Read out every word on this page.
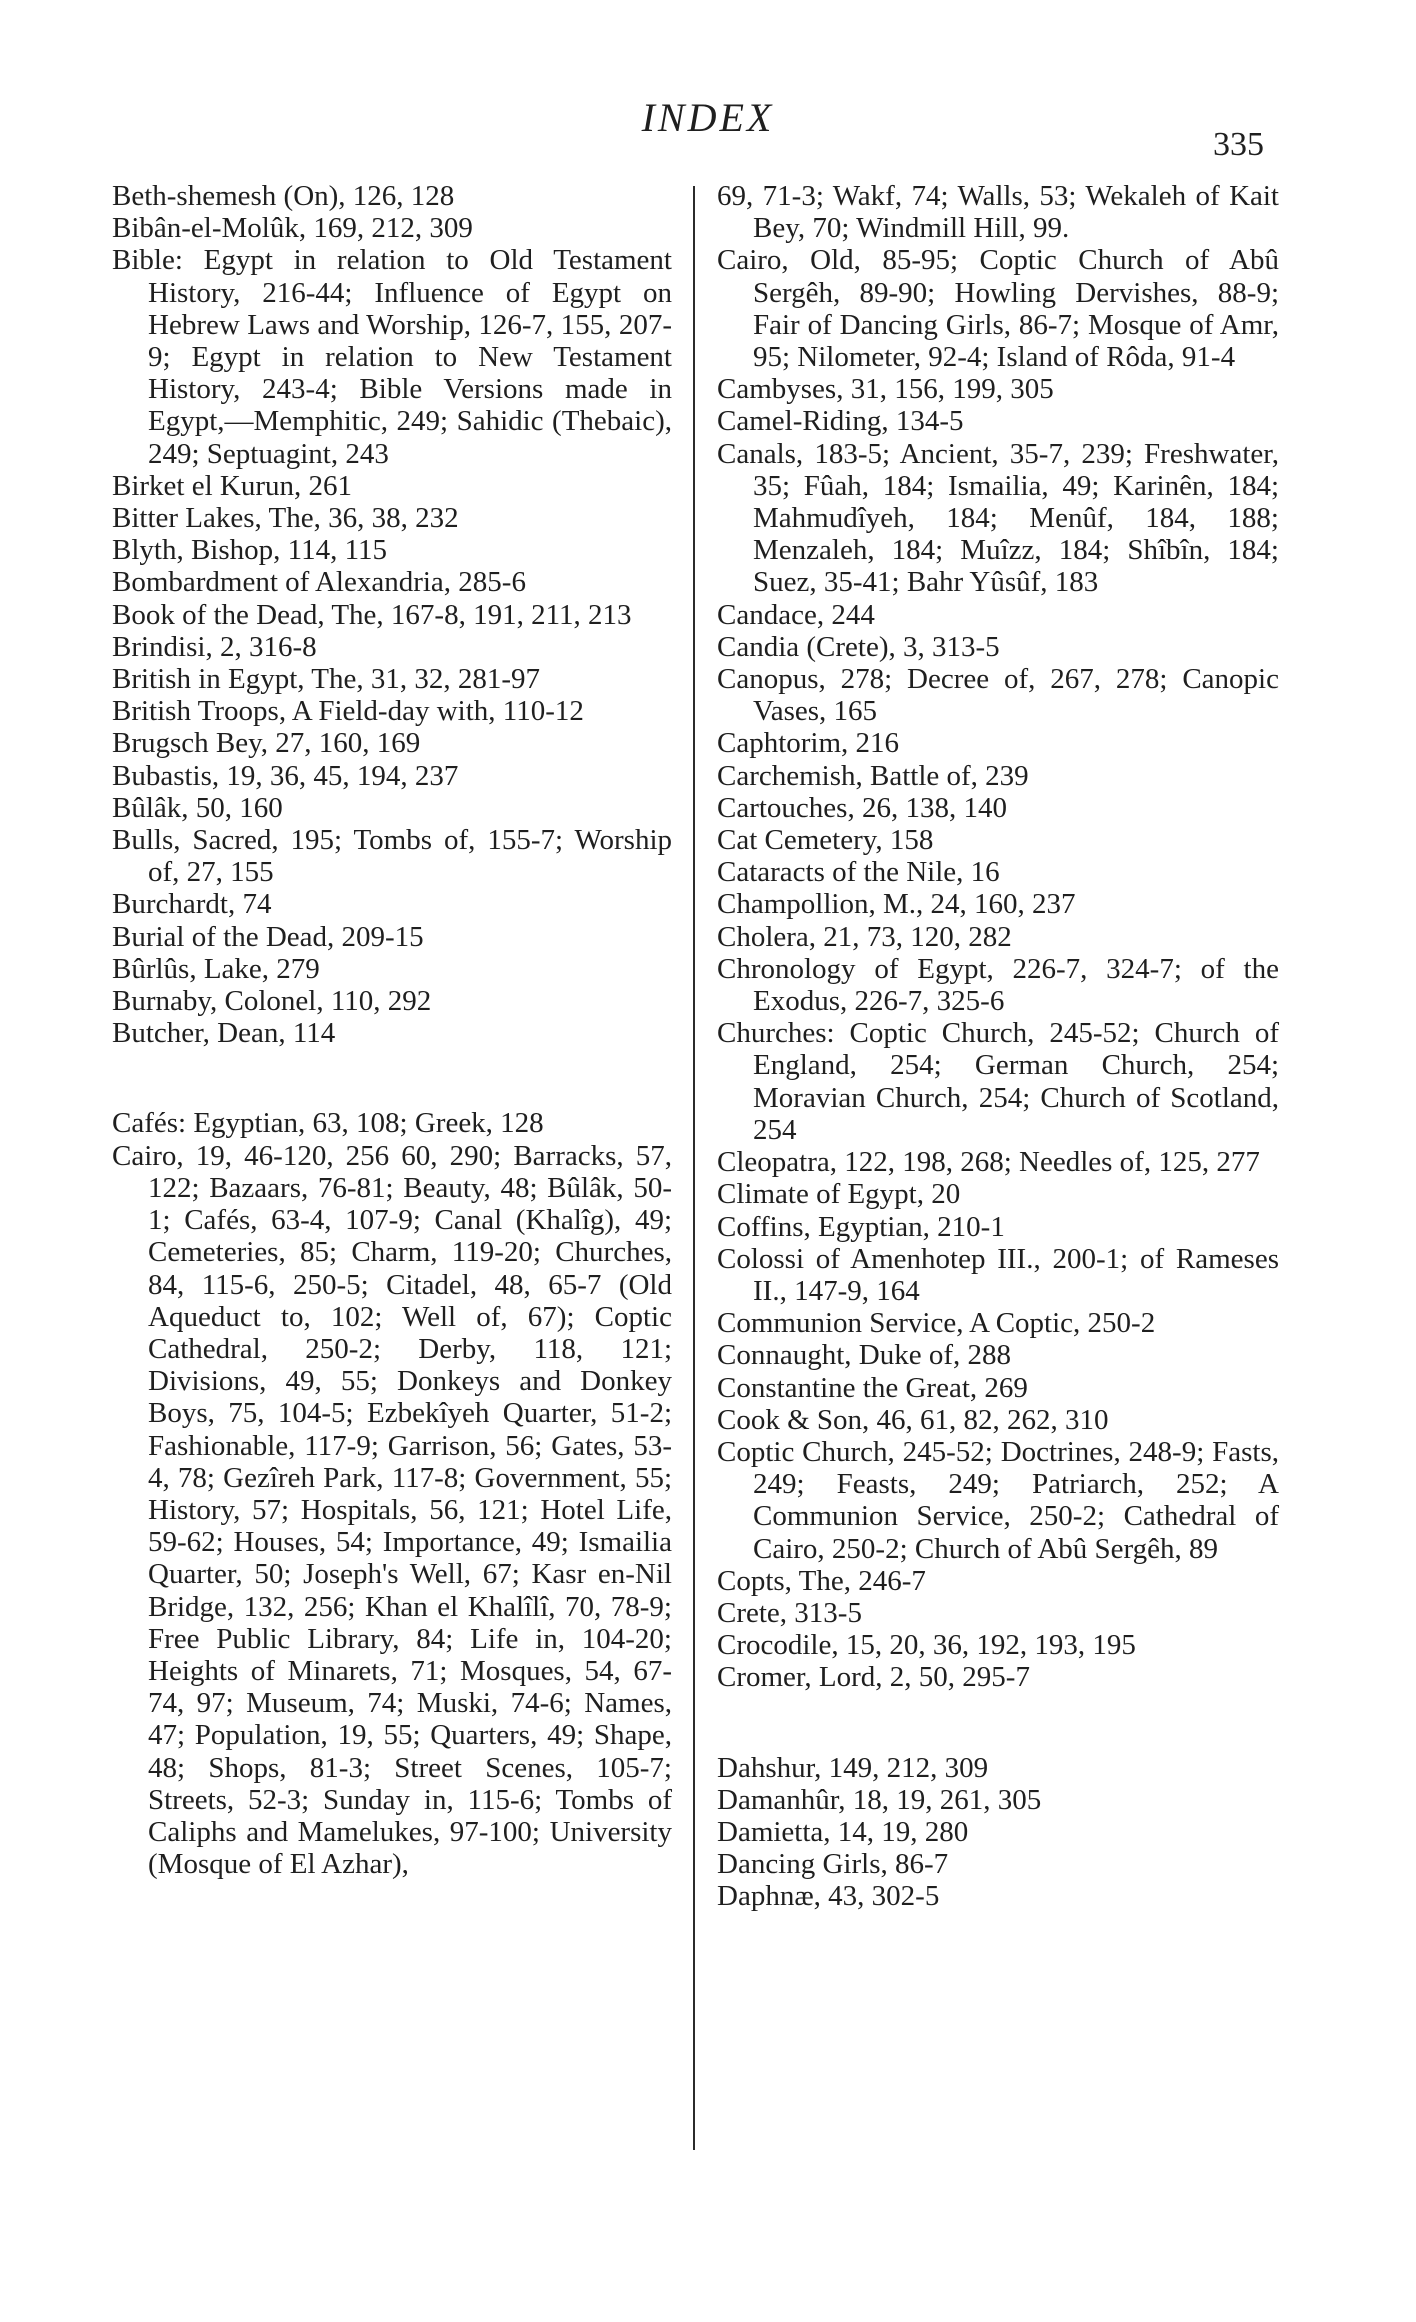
INDEX
335

Beth-shemesh (On), 126, 128

Bibân-el-Molûk, 169, 212, 309

Bible: Egypt in relation to Old Testament History, 216-44; Influence of Egypt on Hebrew Laws and Worship, 126-7, 155, 207-9; Egypt in relation to New Testament History, 243-4; Bible Versions made in Egypt,—Memphitic, 249; Sahidic (Thebaic), 249; Septuagint, 243

Birket el Kurun, 261

Bitter Lakes, The, 36, 38, 232

Blyth, Bishop, 114, 115

Bombardment of Alexandria, 285-6

Book of the Dead, The, 167-8, 191, 211, 213

Brindisi, 2, 316-8

British in Egypt, The, 31, 32, 281-97

British Troops, A Field-day with, 110-12

Brugsch Bey, 27, 160, 169

Bubastis, 19, 36, 45, 194, 237

Bûlâk, 50, 160

Bulls, Sacred, 195; Tombs of, 155-7; Worship of, 27, 155

Burchardt, 74

Burial of the Dead, 209-15

Bûrlûs, Lake, 279

Burnaby, Colonel, 110, 292

Butcher, Dean, 114

Cafés: Egyptian, 63, 108; Greek, 128

Cairo, 19, 46-120, 256 60, 290; Barracks, 57, 122; Bazaars, 76-81; Beauty, 48; Bûlâk, 50-1; Cafés, 63-4, 107-9; Canal (Khalîg), 49; Cemeteries, 85; Charm, 119-20; Churches, 84, 115-6, 250-5; Citadel, 48, 65-7 (Old Aqueduct to, 102; Well of, 67); Coptic Cathedral, 250-2; Derby, 118, 121; Divisions, 49, 55; Donkeys and Donkey Boys, 75, 104-5; Ezbekîyeh Quarter, 51-2; Fashionable, 117-9; Garrison, 56; Gates, 53-4, 78; Gezîreh Park, 117-8; Government, 55; History, 57; Hospitals, 56, 121; Hotel Life, 59-62; Houses, 54; Importance, 49; Ismailia Quarter, 50; Joseph's Well, 67; Kasr en-Nil Bridge, 132, 256; Khan el Khalîlî, 70, 78-9; Free Public Library, 84; Life in, 104-20; Heights of Minarets, 71; Mosques, 54, 67-74, 97; Museum, 74; Muski, 74-6; Names, 47; Population, 19, 55; Quarters, 49; Shape, 48; Shops, 81-3; Street Scenes, 105-7; Streets, 52-3; Sunday in, 115-6; Tombs of Caliphs and Mamelukes, 97-100; University (Mosque of El Azhar),

69, 71-3; Wakf, 74; Walls, 53; Wekaleh of Kait Bey, 70; Windmill Hill, 99.

Cairo, Old, 85-95; Coptic Church of Abû Sergêh, 89-90; Howling Dervishes, 88-9; Fair of Dancing Girls, 86-7; Mosque of Amr, 95; Nilometer, 92-4; Island of Rôda, 91-4

Cambyses, 31, 156, 199, 305

Camel-Riding, 134-5

Canals, 183-5; Ancient, 35-7, 239; Freshwater, 35; Fûah, 184; Ismailia, 49; Karinên, 184; Mahmudîyeh, 184; Menûf, 184, 188; Menzaleh, 184; Muîzz, 184; Shîbîn, 184; Suez, 35-41; Bahr Yûsûf, 183

Candace, 244

Candia (Crete), 3, 313-5

Canopus, 278; Decree of, 267, 278; Canopic Vases, 165

Caphtorim, 216

Carchemish, Battle of, 239

Cartouches, 26, 138, 140

Cat Cemetery, 158

Cataracts of the Nile, 16

Champollion, M., 24, 160, 237

Cholera, 21, 73, 120, 282

Chronology of Egypt, 226-7, 324-7; of the Exodus, 226-7, 325-6

Churches: Coptic Church, 245-52; Church of England, 254; German Church, 254; Moravian Church, 254; Church of Scotland, 254

Cleopatra, 122, 198, 268; Needles of, 125, 277

Climate of Egypt, 20

Coffins, Egyptian, 210-1

Colossi of Amenhotep III., 200-1; of Rameses II., 147-9, 164

Communion Service, A Coptic, 250-2

Connaught, Duke of, 288

Constantine the Great, 269

Cook & Son, 46, 61, 82, 262, 310

Coptic Church, 245-52; Doctrines, 248-9; Fasts, 249; Feasts, 249; Patriarch, 252; A Communion Service, 250-2; Cathedral of Cairo, 250-2; Church of Abû Sergêh, 89

Copts, The, 246-7

Crete, 313-5

Crocodile, 15, 20, 36, 192, 193, 195

Cromer, Lord, 2, 50, 295-7

Dahshur, 149, 212, 309

Damanhûr, 18, 19, 261, 305

Damietta, 14, 19, 280

Dancing Girls, 86-7

Daphnæ, 43, 302-5
